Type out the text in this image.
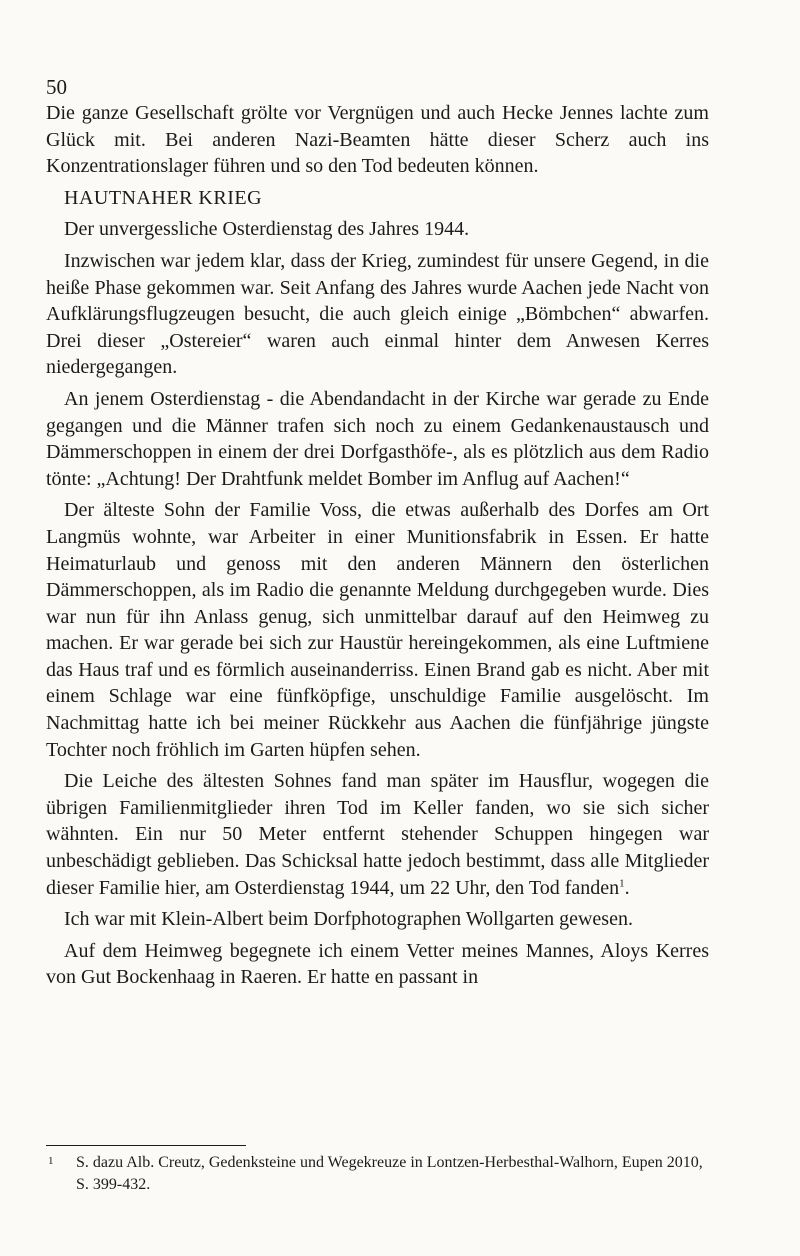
50

Die ganze Gesellschaft grölte vor Vergnügen und auch Hecke Jennes lachte zum Glück mit. Bei anderen Nazi-Beamten hätte dieser Scherz auch ins Konzentrationslager führen und so den Tod bedeuten können.

HAUTNAHER KRIEG

Der unvergessliche Osterdienstag des Jahres 1944.

Inzwischen war jedem klar, dass der Krieg, zumindest für unsere Gegend, in die heiße Phase gekommen war. Seit Anfang des Jahres wurde Aachen jede Nacht von Aufklärungsflugzeugen besucht, die auch gleich einige „Bömbchen“ abwarfen. Drei dieser „Ostereier“ waren auch einmal hinter dem Anwesen Kerres niedergegangen.

An jenem Osterdienstag - die Abendandacht in der Kirche war gerade zu Ende gegangen und die Männer trafen sich noch zu einem Gedankenaustausch und Dämmerschoppen in einem der drei Dorfgasthöfe-, als es plötzlich aus dem Radio tönte: „Achtung! Der Drahtfunk meldet Bomber im Anflug auf Aachen!“

Der älteste Sohn der Familie Voss, die etwas außerhalb des Dorfes am Ort Langmüs wohnte, war Arbeiter in einer Munitionsfabrik in Essen. Er hatte Heimaturlaub und genoss mit den anderen Männern den österlichen Dämmerschoppen, als im Radio die genannte Meldung durchgegeben wurde. Dies war nun für ihn Anlass genug, sich unmittelbar darauf auf den Heimweg zu machen. Er war gerade bei sich zur Haustür hereingekommen, als eine Luftmiene das Haus traf und es förmlich auseinanderriss. Einen Brand gab es nicht. Aber mit einem Schlage war eine fünfköpfige, unschuldige Familie ausgelöscht. Im Nachmittag hatte ich bei meiner Rückkehr aus Aachen die fünfjährige jüngste Tochter noch fröhlich im Garten hüpfen sehen.

Die Leiche des ältesten Sohnes fand man später im Hausflur, wogegen die übrigen Familienmitglieder ihren Tod im Keller fanden, wo sie sich sicher wähnten. Ein nur 50 Meter entfernt stehender Schuppen hingegen war unbeschädigt geblieben. Das Schicksal hatte jedoch bestimmt, dass alle Mitglieder dieser Familie hier, am Osterdienstag 1944, um 22 Uhr, den Tod fanden$^1$.

Ich war mit Klein-Albert beim Dorfphotographen Wollgarten gewesen.

Auf dem Heimweg begegnete ich einem Vetter meines Mannes, Aloys Kerres von Gut Bockenhaag in Raeren. Er hatte en passant in

1 S. dazu Alb. Creutz, Gedenksteine und Wegekreuze in Lontzen-Herbesthal-Walhorn, Eupen 2010, S. 399-432.
